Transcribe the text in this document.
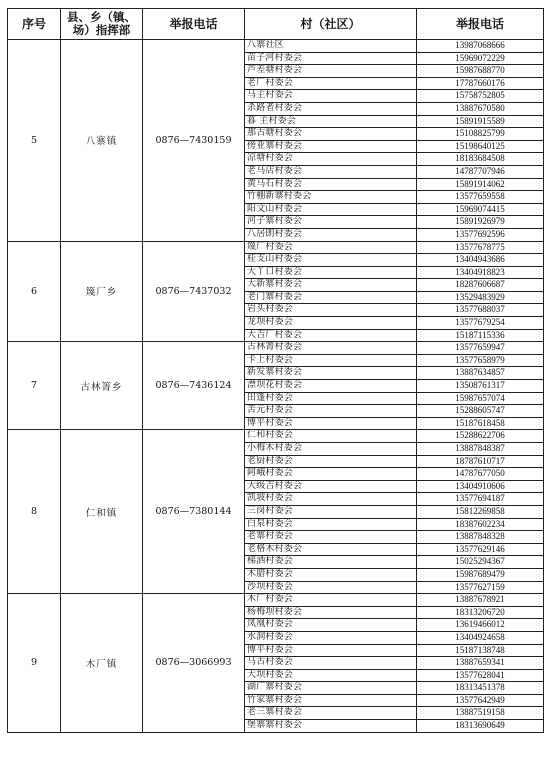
序号	县、乡（镇、场）指挥部	举报电话	村（社区）	举报电话
5	八寨镇	0876—7430159	八寨社区	13987068666
			苗子河村委会	15969072229
			芦差塘村委会	15987688770
			老厂村委会	17787660176
			马主村委会	15758752805
			杀路者村委会	13887670580
			暮 主村委会	15891915589
			那古塘村委会	15108825799
			傍亚寨村委会	15198640125
			凉塘村委会	18183684508
			老马店村委会	14787707946
			黄马石村委会	15891914062
			竹棚新寨村委会	13577659558
			阳文山村委会	15969074415
			河子寨村委会	15891926979
			八居朗村委会	13577692596
6	篾厂乡	0876—7437032	篾厂村委会	13577678775
			桂支山村委会	13404943686
			大丫口村委会	13404918823
			大新寨村委会	18287606687
			老门寨村委会	13529483929
			岩头村委会	13577688037
			龙坝村委会	13577679254
			大吉厂村委会	15187115336
7	古林箐乡	0876—7436124	古林箐村委会	13577659947
			卡上村委会	13577658979
			新发寨村委会	13887634857
			漂坝花村委会	13508761317
			田蓬村委会	15987657074
			苦元村委会	15288605747
			博平村委会	15187618458
8	仁和镇	0876—7380144	仁和村委会	15288622706
			小梅木村委会	13887848387
			老厨村委会	18787610717
			阿峨村委会	14787677050
			大级吉村委会	13404910606
			凯坡村委会	13577694187
			三岗村委会	15812269858
			白泉村委会	18387602234
			老寨村委会	13887848328
			老格木村委会	13577629146
			梯洒村委会	15025294367
			木腊村委会	15987689479
			沙坝村委会	13577627159
9	木厂镇	0876—3066993	木厂村委会	13887678921
			杨梅坝村委会	18313206720
			凤凰村委会	13619466012
			水洞村委会	13404924658
			博平村委会	15187138748
			马古村委会	13887659341
			大坝村委会	13577628041
			湖广寨村委会	18313451378
			竹家寨村委会	13577642949
			老三寨村委会	13887519158
			堡寨寨村委会	18313690649
